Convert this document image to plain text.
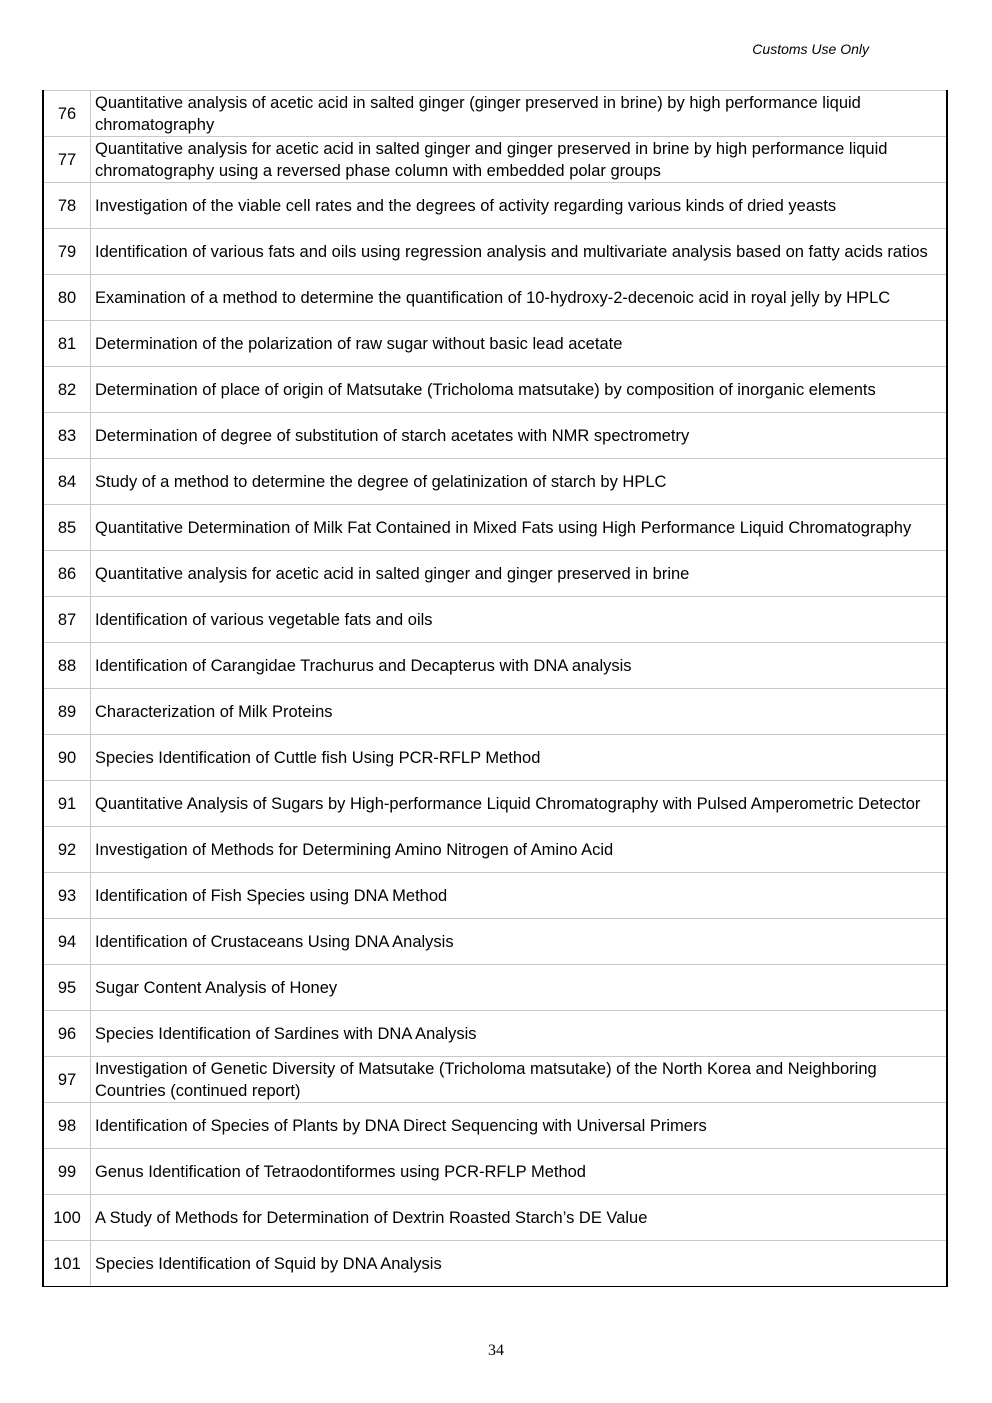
Customs Use Only
76	Quantitative analysis of acetic acid in salted ginger (ginger preserved in brine) by high performance liquid chromatography
77	Quantitative analysis for acetic acid in salted ginger and ginger preserved in brine by high performance liquid chromatography using a reversed phase column with embedded polar groups
78	Investigation of the viable cell rates and the degrees of activity regarding various kinds of dried yeasts
79	Identification of various fats and oils using regression analysis and multivariate analysis based on fatty acids ratios
80	Examination of a method to determine the quantification of 10-hydroxy-2-decenoic acid in royal jelly by HPLC
81	Determination of the polarization of raw sugar without basic lead acetate
82	Determination of place of origin of Matsutake (Tricholoma matsutake) by composition of inorganic elements
83	Determination of degree of substitution of starch acetates with NMR spectrometry
84	Study of a method to determine the degree of gelatinization of starch by HPLC
85	Quantitative Determination of Milk Fat Contained in Mixed Fats using High Performance Liquid Chromatography
86	Quantitative analysis for acetic acid in salted ginger and ginger preserved in brine
87	Identification of various vegetable fats and oils
88	Identification of Carangidae Trachurus and Decapterus with DNA analysis
89	Characterization of Milk Proteins
90	Species Identification of Cuttle fish Using PCR-RFLP Method
91	Quantitative Analysis of Sugars by High-performance Liquid Chromatography with Pulsed Amperometric Detector
92	Investigation of Methods for Determining Amino Nitrogen of Amino Acid
93	Identification of Fish Species using DNA Method
94	Identification of Crustaceans Using DNA Analysis
95	Sugar Content Analysis of Honey
96	Species Identification of Sardines with DNA Analysis
97	Investigation of Genetic Diversity of Matsutake (Tricholoma matsutake) of the North Korea and Neighboring Countries (continued report)
98	Identification of Species of Plants by DNA Direct Sequencing with Universal Primers
99	Genus Identification of Tetraodontiformes using PCR-RFLP Method
100	A Study of Methods for Determination of Dextrin Roasted Starch’s DE Value
101	Species Identification of Squid by DNA Analysis
34
